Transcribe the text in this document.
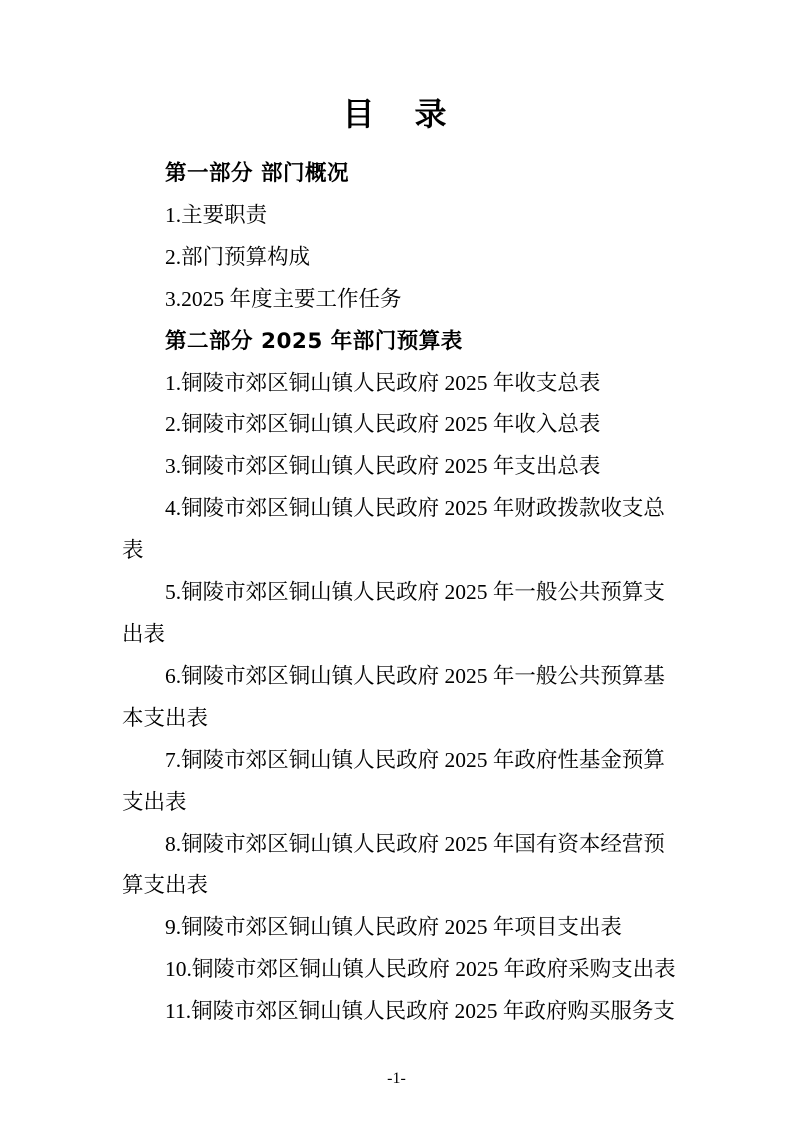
目　录

第一部分 部门概况

1.主要职责

2.部门预算构成

3.2025 年度主要工作任务

第二部分 2025 年部门预算表

1.铜陵市郊区铜山镇人民政府 2025 年收支总表

2.铜陵市郊区铜山镇人民政府 2025 年收入总表

3.铜陵市郊区铜山镇人民政府 2025 年支出总表

4.铜陵市郊区铜山镇人民政府 2025 年财政拨款收支总

表

5.铜陵市郊区铜山镇人民政府 2025 年一般公共预算支

出表

6.铜陵市郊区铜山镇人民政府 2025 年一般公共预算基

本支出表

7.铜陵市郊区铜山镇人民政府 2025 年政府性基金预算

支出表

8.铜陵市郊区铜山镇人民政府 2025 年国有资本经营预

算支出表

9.铜陵市郊区铜山镇人民政府 2025 年项目支出表

10.铜陵市郊区铜山镇人民政府 2025 年政府采购支出表

11.铜陵市郊区铜山镇人民政府 2025 年政府购买服务支

-1-
